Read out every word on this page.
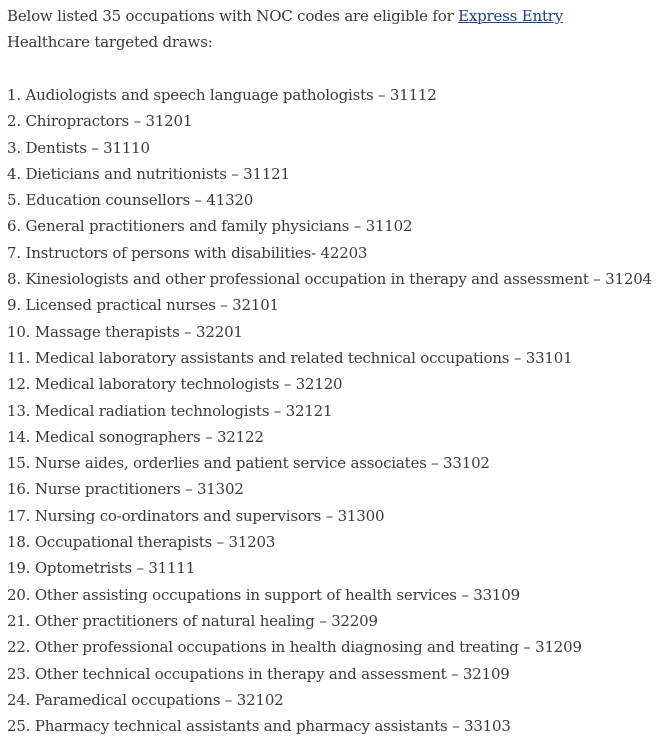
Below listed 35 occupations with NOC codes are eligible for Express Entry Healthcare targeted draws:

1. Audiologists and speech language pathologists – 31112
2. Chiropractors – 31201
3. Dentists – 31110
4. Dieticians and nutritionists – 31121
5. Education counsellors – 41320
6. General practitioners and family physicians – 31102
7. Instructors of persons with disabilities- 42203
8. Kinesiologists and other professional occupation in therapy and assessment – 31204
9. Licensed practical nurses – 32101
10. Massage therapists – 32201
11. Medical laboratory assistants and related technical occupations – 33101
12. Medical laboratory technologists – 32120
13. Medical radiation technologists – 32121
14. Medical sonographers – 32122
15. Nurse aides, orderlies and patient service associates – 33102
16. Nurse practitioners – 31302
17. Nursing co-ordinators and supervisors – 31300
18. Occupational therapists – 31203
19. Optometrists – 31111
20. Other assisting occupations in support of health services – 33109
21. Other practitioners of natural healing – 32209
22. Other professional occupations in health diagnosing and treating – 31209
23. Other technical occupations in therapy and assessment – 32109
24. Paramedical occupations – 32102
25. Pharmacy technical assistants and pharmacy assistants – 33103
